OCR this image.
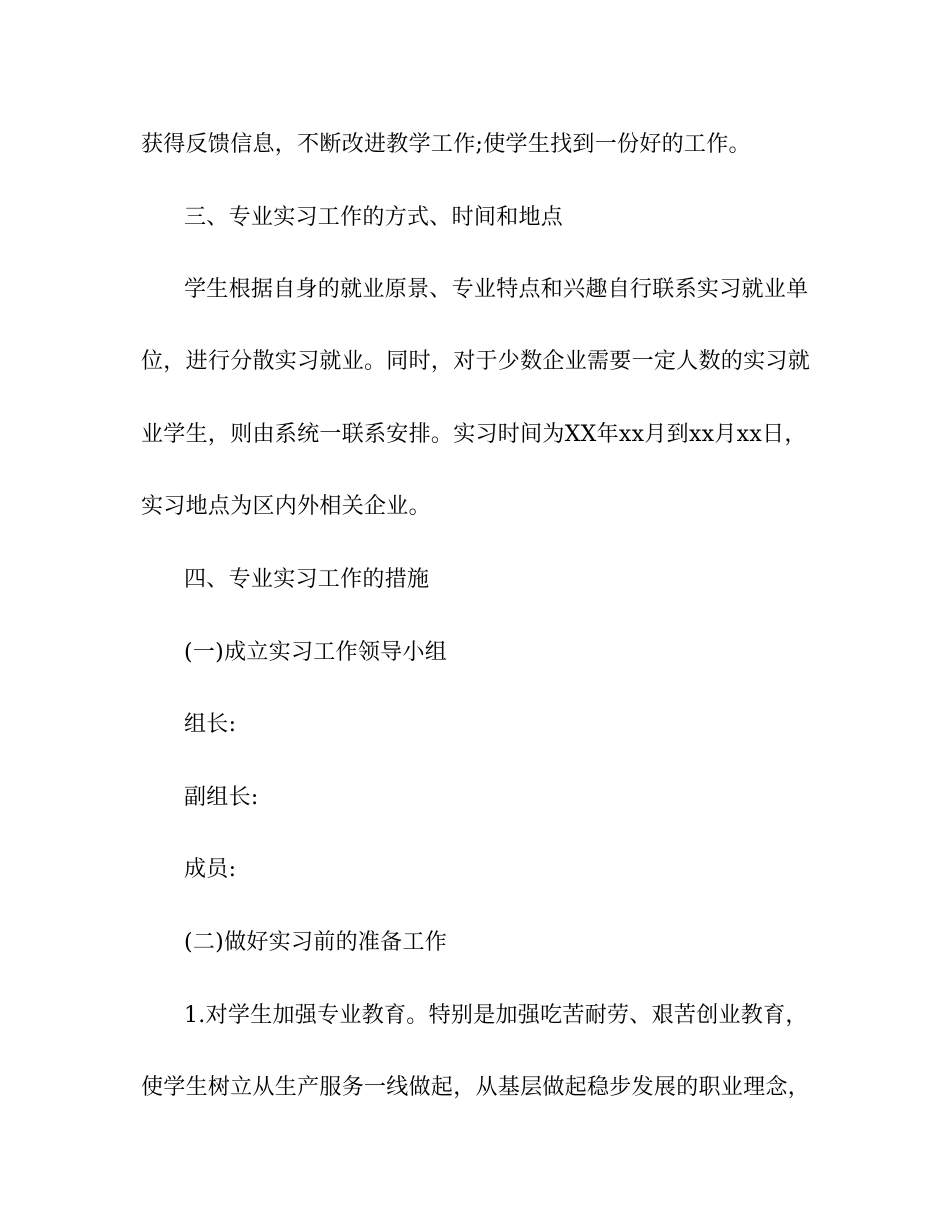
获得反馈信息，不断改进教学工作;使学生找到一份好的工作。
三、专业实习工作的方式、时间和地点
学生根据自身的就业原景、专业特点和兴趣自行联系实习就业单
位，进行分散实习就业。同时，对于少数企业需要一定人数的实习就
业学生，则由系统一联系安排。实习时间为XX年xx月到xx月xx日，
实习地点为区内外相关企业。
四、专业实习工作的措施
(一)成立实习工作领导小组
组长:
副组长:
成员:
(二)做好实习前的准备工作
1.对学生加强专业教育。特别是加强吃苦耐劳、艰苦创业教育，
使学生树立从生产服务一线做起，从基层做起稳步发展的职业理念，
